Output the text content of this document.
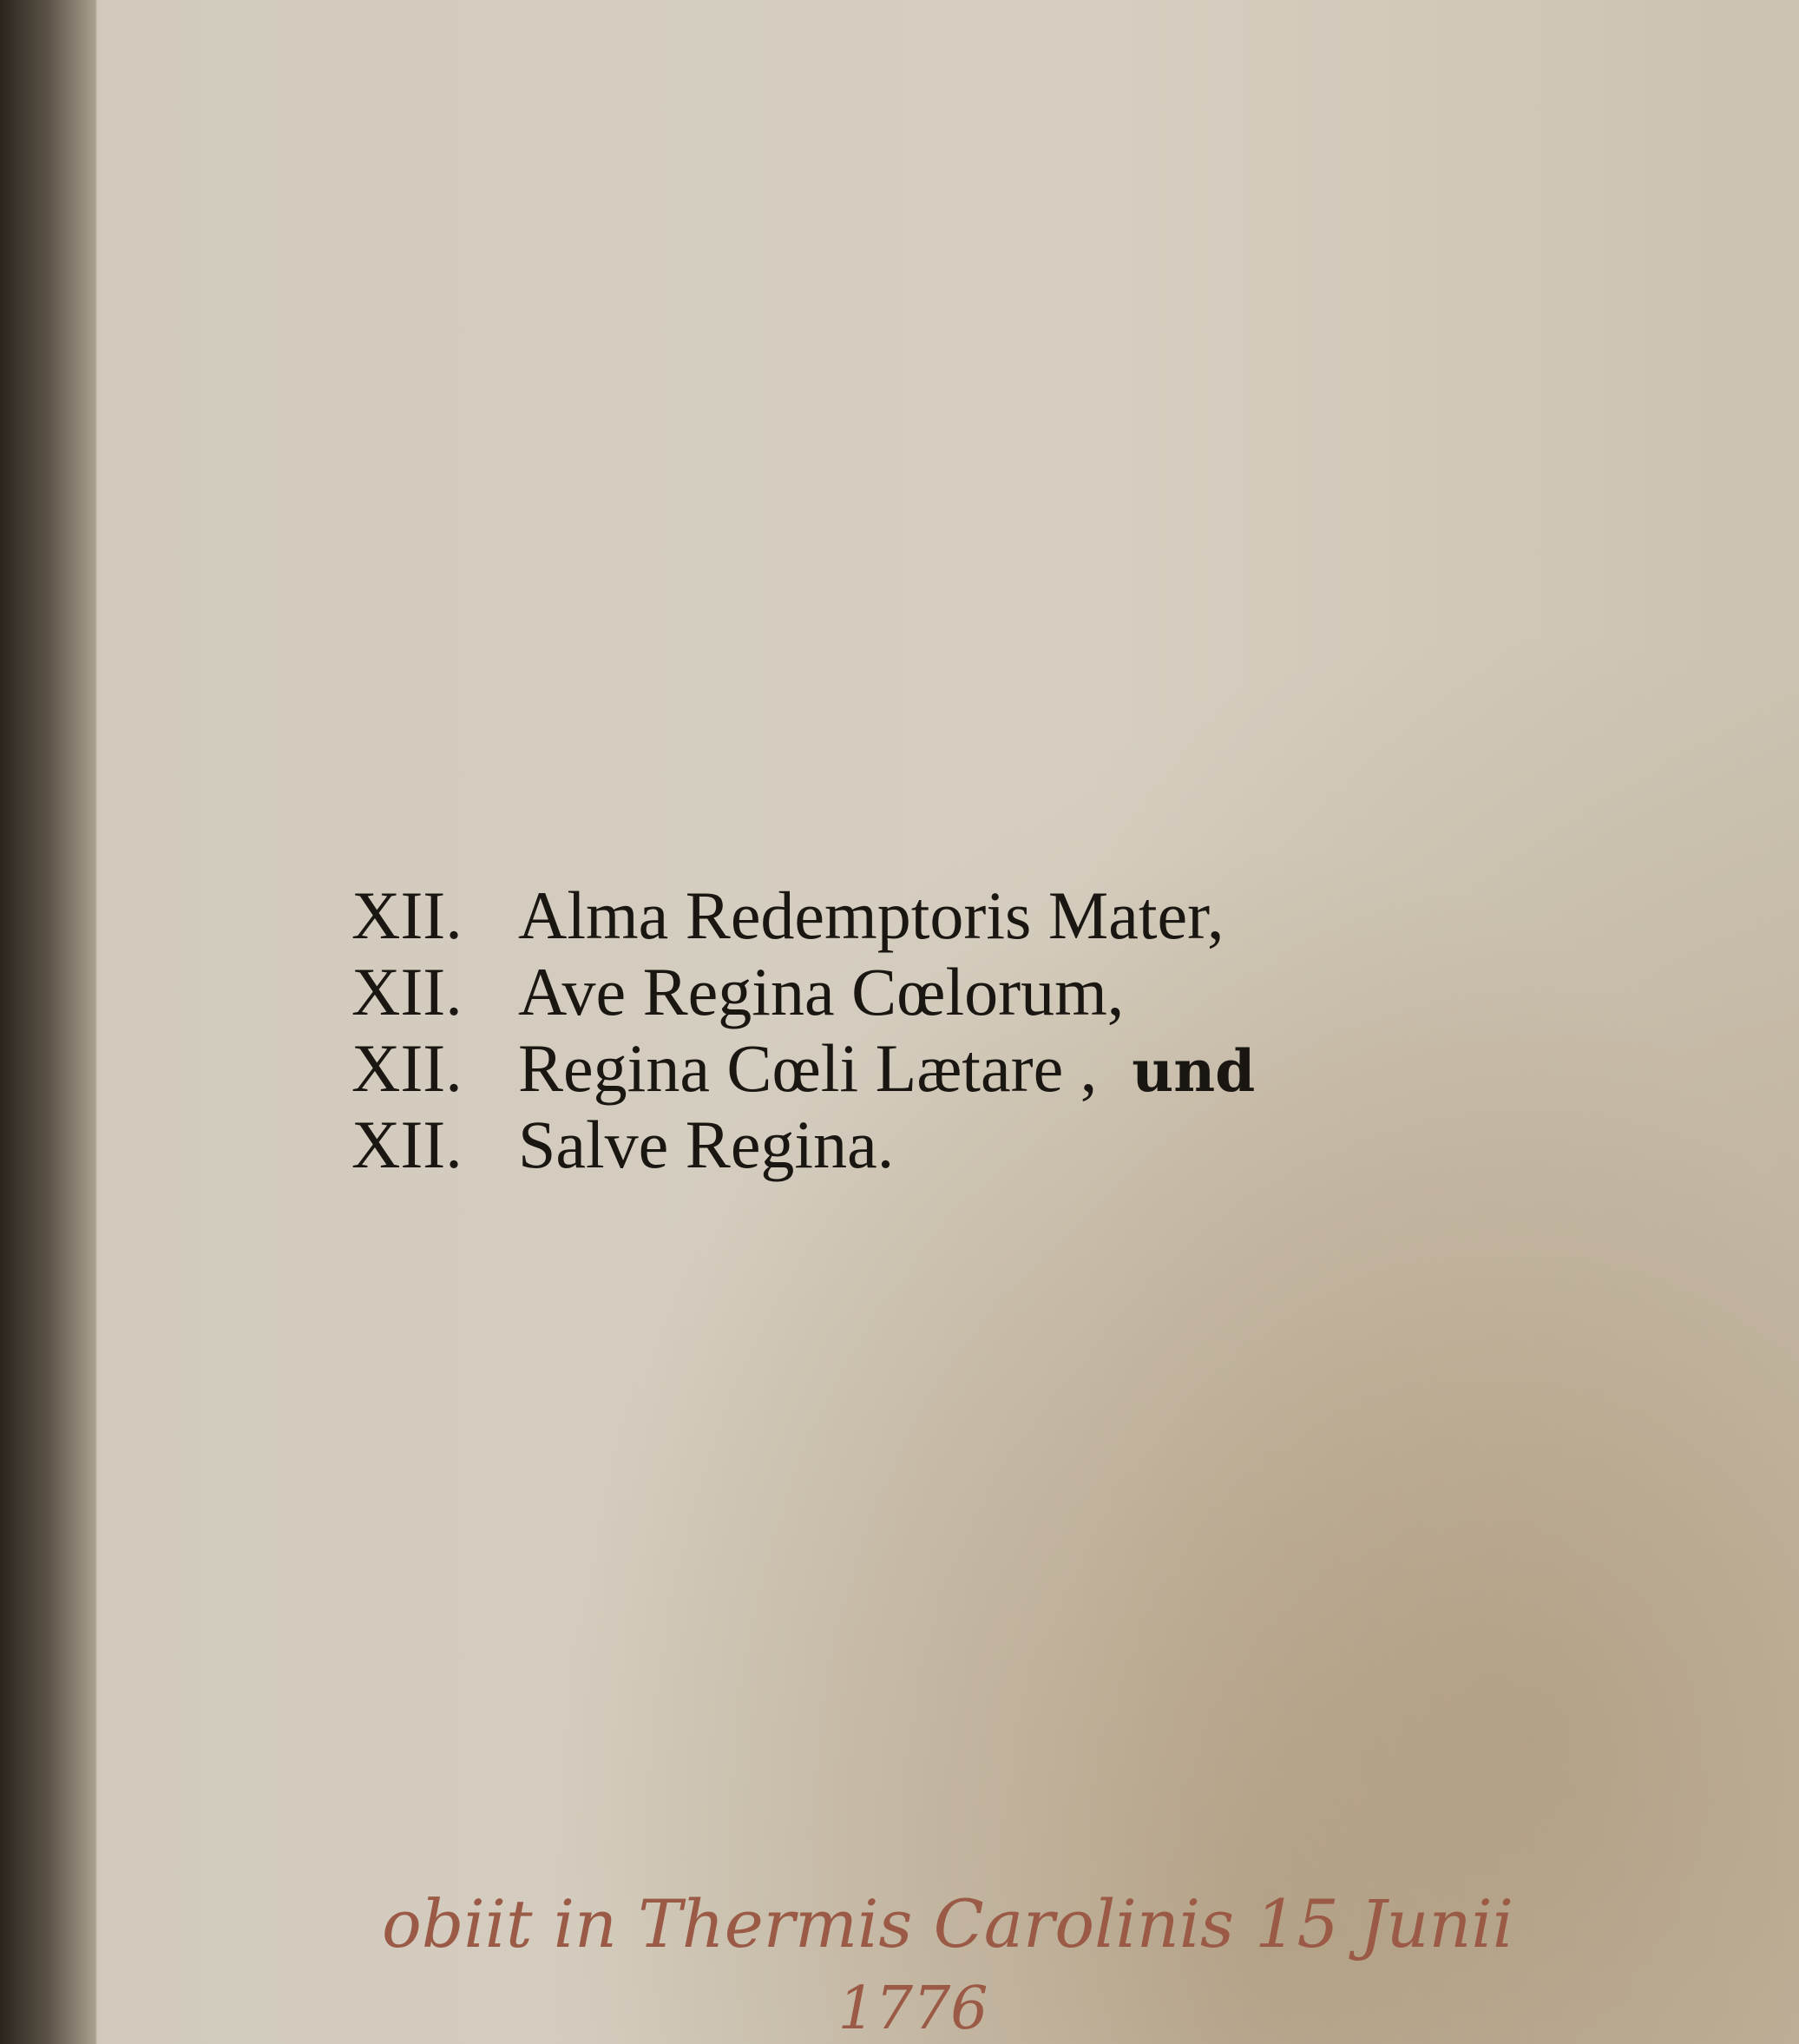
XII. Alma Redemptoris Mater,

XII. Ave Regina Cœlorum,

XII. Regina Cœli Lætare , und

XII. Salve Regina.

obiit in Thermis Carolinis 15 Junii
1776
